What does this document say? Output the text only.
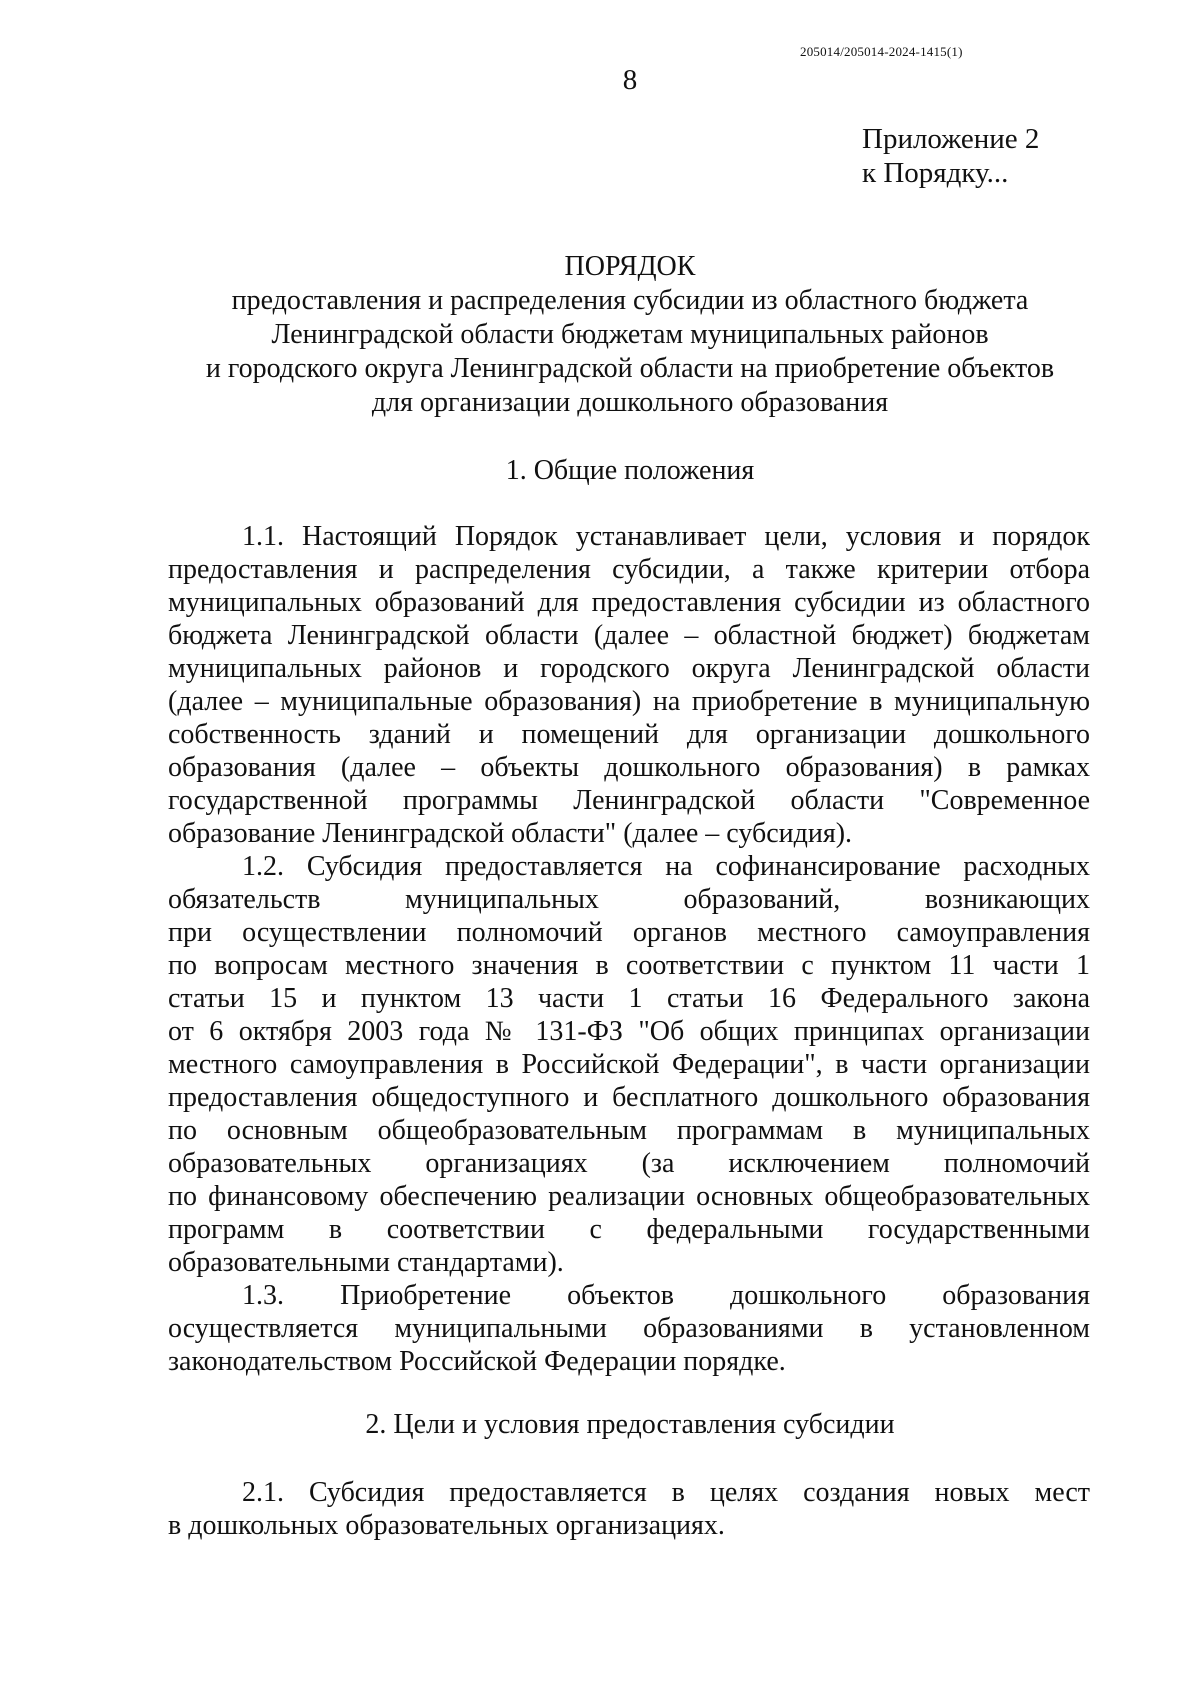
205014/205014-2024-1415(1)
8
Приложение 2
к Порядку...
ПОРЯДОК
предоставления и распределения субсидии из областного бюджета
Ленинградской области бюджетам муниципальных районов
и городского округа Ленинградской области на приобретение объектов
для организации дошкольного образования
1. Общие положения
1.1. Настоящий Порядок устанавливает цели, условия и порядок
предоставления и распределения субсидии, а также критерии отбора
муниципальных образований для предоставления субсидии из областного
бюджета Ленинградской области (далее – областной бюджет) бюджетам
муниципальных районов и городского округа Ленинградской области
(далее – муниципальные образования) на приобретение в муниципальную
собственность зданий и помещений для организации дошкольного
образования (далее – объекты дошкольного образования) в рамках
государственной программы Ленинградской области "Современное
образование Ленинградской области" (далее – субсидия).
1.2. Субсидия предоставляется на софинансирование расходных
обязательств муниципальных образований, возникающих
при осуществлении полномочий органов местного самоуправления
по вопросам местного значения в соответствии с пунктом 11 части 1
статьи 15 и пунктом 13 части 1 статьи 16 Федерального закона
от 6 октября 2003 года № 131-ФЗ "Об общих принципах организации
местного самоуправления в Российской Федерации", в части организации
предоставления общедоступного и бесплатного дошкольного образования
по основным общеобразовательным программам в муниципальных
образовательных организациях (за исключением полномочий
по финансовому обеспечению реализации основных общеобразовательных
программ в соответствии с федеральными государственными
образовательными стандартами).
1.3. Приобретение объектов дошкольного образования
осуществляется муниципальными образованиями в установленном
законодательством Российской Федерации порядке.
2. Цели и условия предоставления субсидии
2.1. Субсидия предоставляется в целях создания новых мест
в дошкольных образовательных организациях.
